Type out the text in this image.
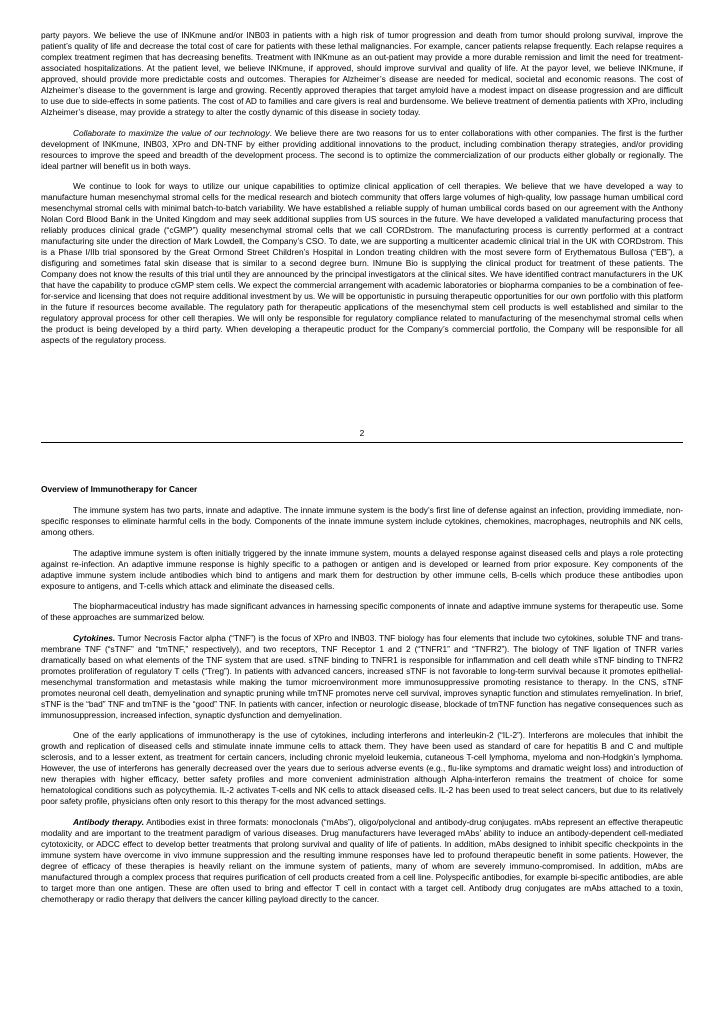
party payors. We believe the use of INKmune and/or INB03 in patients with a high risk of tumor progression and death from tumor should prolong survival, improve the patient’s quality of life and decrease the total cost of care for patients with these lethal malignancies. For example, cancer patients relapse frequently. Each relapse requires a complex treatment regimen that has decreasing benefits. Treatment with INKmune as an out-patient may provide a more durable remission and limit the need for treatment-associated hospitalizations. At the patient level, we believe INKmune, if approved, should improve survival and quality of life. At the payor level, we believe INKmune, if approved, should provide more predictable costs and outcomes. Therapies for Alzheimer’s disease are needed for medical, societal and economic reasons. The cost of Alzheimer’s disease to the government is large and growing. Recently approved therapies that target amyloid have a modest impact on disease progression and are difficult to use due to side-effects in some patients. The cost of AD to families and care givers is real and burdensome. We believe treatment of dementia patients with XPro, including Alzheimer’s disease, may provide a strategy to alter the costly dynamic of this disease in society today.

Collaborate to maximize the value of our technology. We believe there are two reasons for us to enter collaborations with other companies. The first is the further development of INKmune, INB03, XPro and DN-TNF by either providing additional innovations to the product, including combination therapy strategies, and/or providing resources to improve the speed and breadth of the development process. The second is to optimize the commercialization of our products either globally or regionally. The ideal partner will benefit us in both ways.

We continue to look for ways to utilize our unique capabilities to optimize clinical application of cell therapies. We believe that we have developed a way to manufacture human mesenchymal stromal cells for the medical research and biotech community that offers large volumes of high-quality, low passage human umbilical cord mesenchymal stromal cells with minimal batch-to-batch variability. We have established a reliable supply of human umbilical cords based on our agreement with the Anthony Nolan Cord Blood Bank in the United Kingdom and may seek additional supplies from US sources in the future. We have developed a validated manufacturing process that reliably produces clinical grade (“cGMP”) quality mesenchymal stromal cells that we call CORDstrom. The manufacturing process is currently performed at a contract manufacturing site under the direction of Mark Lowdell, the Company’s CSO. To date, we are supporting a multicenter academic clinical trial in the UK with CORDstrom. This is a Phase I/IIb trial sponsored by the Great Ormond Street Children’s Hospital in London treating children with the most severe form of Erythematous Bullosa (“EB”), a disfiguring and sometimes fatal skin disease that is similar to a second degree burn. INmune Bio is supplying the clinical product for treatment of these patients. The Company does not know the results of this trial until they are announced by the principal investigators at the clinical sites. We have identified contract manufacturers in the UK that have the capability to produce cGMP stem cells. We expect the commercial arrangement with academic laboratories or biopharma companies to be a combination of fee-for-service and licensing that does not require additional investment by us. We will be opportunistic in pursuing therapeutic opportunities for our own portfolio with this platform in the future if resources become available. The regulatory path for therapeutic applications of the mesenchymal stem cell products is well established and similar to the regulatory approval process for other cell therapies. We will only be responsible for regulatory compliance related to manufacturing of the mesenchymal stromal cells when the product is being developed by a third party. When developing a therapeutic product for the Company’s commercial portfolio, the Company will be responsible for all aspects of the regulatory process.

2
Overview of Immunotherapy for Cancer

The immune system has two parts, innate and adaptive. The innate immune system is the body’s first line of defense against an infection, providing immediate, non-specific responses to eliminate harmful cells in the body. Components of the innate immune system include cytokines, chemokines, macrophages, neutrophils and NK cells, among others.

The adaptive immune system is often initially triggered by the innate immune system, mounts a delayed response against diseased cells and plays a role protecting against re-infection. An adaptive immune response is highly specific to a pathogen or antigen and is developed or learned from prior exposure. Key components of the adaptive immune system include antibodies which bind to antigens and mark them for destruction by other immune cells, B-cells which produce these antibodies upon exposure to antigens, and T-cells which attack and eliminate the diseased cells.

The biopharmaceutical industry has made significant advances in harnessing specific components of innate and adaptive immune systems for therapeutic use. Some of these approaches are summarized below.

Cytokines. Tumor Necrosis Factor alpha (“TNF”) is the focus of XPro and INB03. TNF biology has four elements that include two cytokines, soluble TNF and trans-membrane TNF (“sTNF” and “tmTNF,” respectively), and two receptors, TNF Receptor 1 and 2 (“TNFR1” and “TNFR2”). The biology of TNF ligation of TNFR varies dramatically based on what elements of the TNF system that are used. sTNF binding to TNFR1 is responsible for inflammation and cell death while sTNF binding to TNFR2 promotes proliferation of regulatory T cells (“Treg”). In patients with advanced cancers, increased sTNF is not favorable to long-term survival because it promotes epithelial-mesenchymal transformation and metastasis while making the tumor microenvironment more immunosuppressive promoting resistance to therapy. In the CNS, sTNF promotes neuronal cell death, demyelination and synaptic pruning while tmTNF promotes nerve cell survival, improves synaptic function and stimulates remyelination. In brief, sTNF is the “bad” TNF and tmTNF is the “good” TNF. In patients with cancer, infection or neurologic disease, blockade of tmTNF function has negative consequences such as immunosuppression, increased infection, synaptic dysfunction and demyelination.

One of the early applications of immunotherapy is the use of cytokines, including interferons and interleukin-2 (“IL-2”). Interferons are molecules that inhibit the growth and replication of diseased cells and stimulate innate immune cells to attack them. They have been used as standard of care for hepatitis B and C and multiple sclerosis, and to a lesser extent, as treatment for certain cancers, including chronic myeloid leukemia, cutaneous T-cell lymphoma, myeloma and non-Hodgkin’s lymphoma. However, the use of interferons has generally decreased over the years due to serious adverse events (e.g., flu-like symptoms and dramatic weight loss) and introduction of new therapies with higher efficacy, better safety profiles and more convenient administration although Alpha-interferon remains the treatment of choice for some hematological conditions such as polycythemia. IL-2 activates T-cells and NK cells to attack diseased cells. IL-2 has been used to treat select cancers, but due to its relatively poor safety profile, physicians often only resort to this therapy for the most advanced settings.

Antibody therapy. Antibodies exist in three formats: monoclonals (“mAbs”), oligo/polyclonal and antibody-drug conjugates. mAbs represent an effective therapeutic modality and are important to the treatment paradigm of various diseases. Drug manufacturers have leveraged mAbs’ ability to induce an antibody-dependent cell-mediated cytotoxicity, or ADCC effect to develop better treatments that prolong survival and quality of life of patients. In addition, mAbs designed to inhibit specific checkpoints in the immune system have overcome in vivo immune suppression and the resulting immune responses have led to profound therapeutic benefit in some patients. However, the degree of efficacy of these therapies is heavily reliant on the immune system of patients, many of whom are severely immuno-compromised. In addition, mAbs are manufactured through a complex process that requires purification of cell products created from a cell line. Polyspecific antibodies, for example bi-specific antibodies, are able to target more than one antigen. These are often used to bring and effector T cell in contact with a target cell. Antibody drug conjugates are mAbs attached to a toxin, chemotherapy or radio therapy that delivers the cancer killing payload directly to the cancer.
